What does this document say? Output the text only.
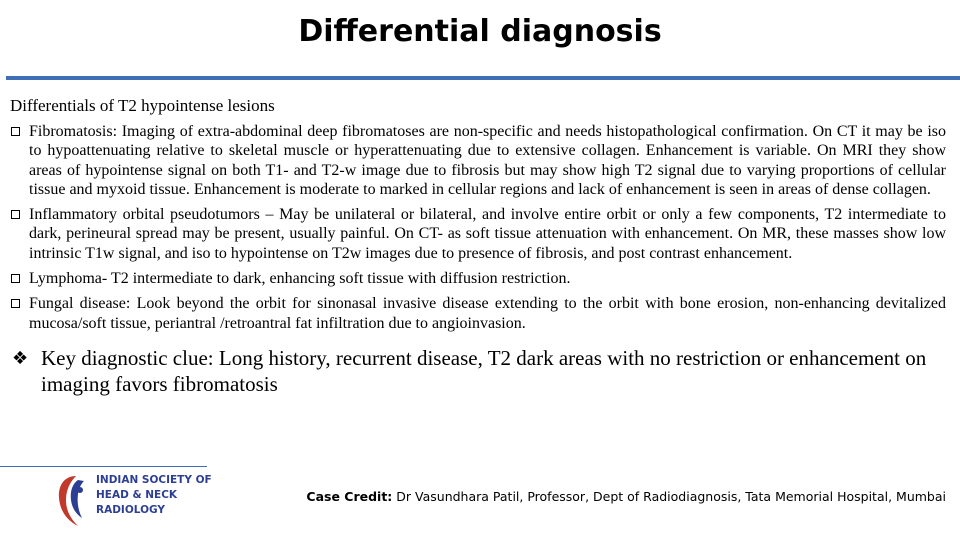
Differential diagnosis
Differentials of T2 hypointense lesions
Fibromatosis: Imaging of extra-abdominal deep fibromatoses are non-specific and needs histopathological confirmation. On CT it may be iso to hypoattenuating relative to skeletal muscle or hyperattenuating due to extensive collagen. Enhancement is variable. On MRI they show areas of hypointense signal on both T1- and T2-w image due to fibrosis but may show high T2 signal due to varying proportions of cellular tissue and myxoid tissue. Enhancement is moderate to marked in cellular regions and lack of enhancement is seen in areas of dense collagen.
Inflammatory orbital pseudotumors – May be unilateral or bilateral, and involve entire orbit or only a few components, T2 intermediate to dark, perineural spread may be present, usually painful. On CT- as soft tissue attenuation with enhancement. On MR, these masses show low intrinsic T1w signal, and iso to hypointense on T2w images due to presence of fibrosis, and post contrast enhancement.
Lymphoma- T2 intermediate to dark, enhancing soft tissue with diffusion restriction.
Fungal disease: Look beyond the orbit for sinonasal invasive disease extending to the orbit with bone erosion, non-enhancing devitalized mucosa/soft tissue, periantral /retroantral fat infiltration due to angioinvasion.
❖ Key diagnostic clue: Long history, recurrent disease, T2 dark areas with no restriction or enhancement on imaging favors fibromatosis
INDIAN SOCIETY OF
HEAD & NECK
RADIOLOGY
Case Credit: Dr Vasundhara Patil, Professor, Dept of Radiodiagnosis, Tata Memorial Hospital, Mumbai
